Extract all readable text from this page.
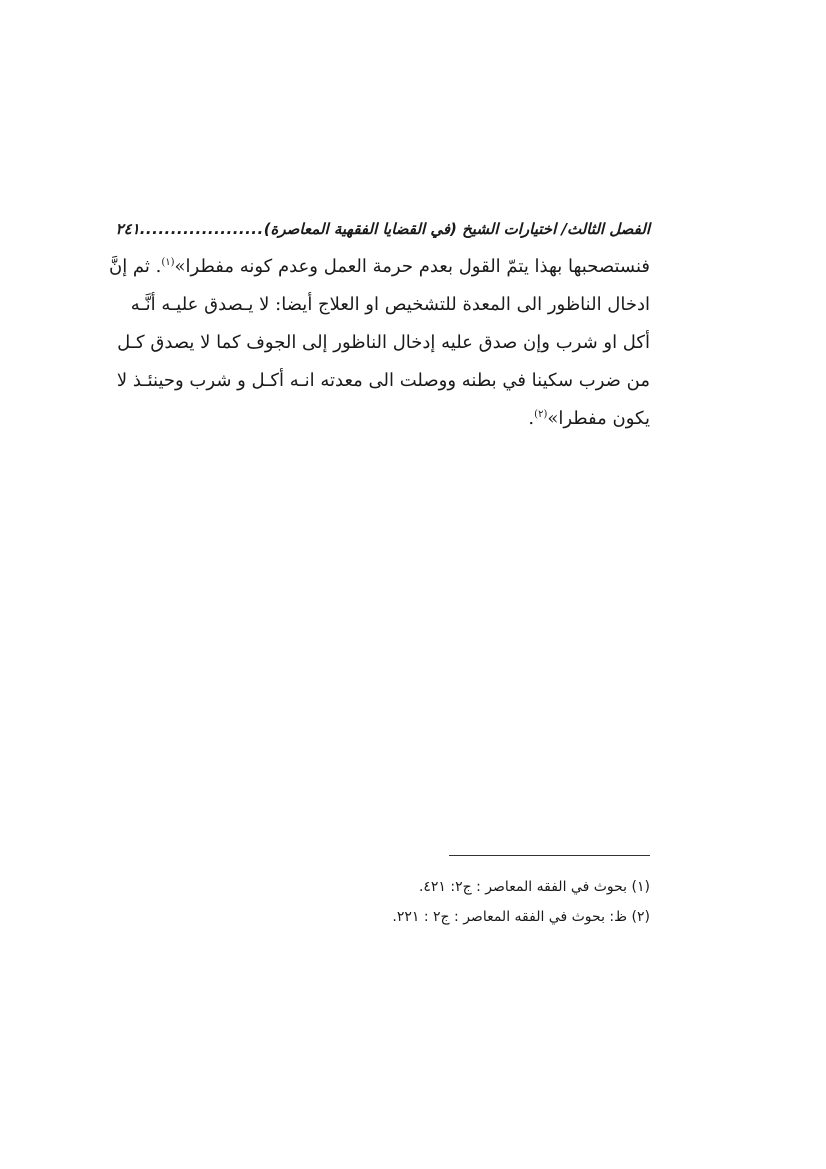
الفصل الثالث/ اختيارات الشيخ (في القضايا الفقهية المعاصرة)
....................
٢٤١
فنستصحبها بهذا يتمّ القول بعدم حرمة العمل وعدم كونه مفطرا»$^{(١)}$. ثم إنَّ
ادخال الناظور الى المعدة للتشخيص او العلاج أيضا: لا يـصدق عليـه أنَّـه
أكل او شرب وإن صدق عليه إدخال الناظور إلى الجوف كما لا يصدق كـل
من ضرب سكينا في بطنه ووصلت الى معدته انـه أكـل و شرب وحينئـذ لا
يكون مفطرا»$^{(٢)}$.
(١) بحوث في الفقه المعاصر : ج٢: ٤٢١.
(٢) ظ: بحوث في الفقه المعاصر : ج٢ : ٢٢١.
